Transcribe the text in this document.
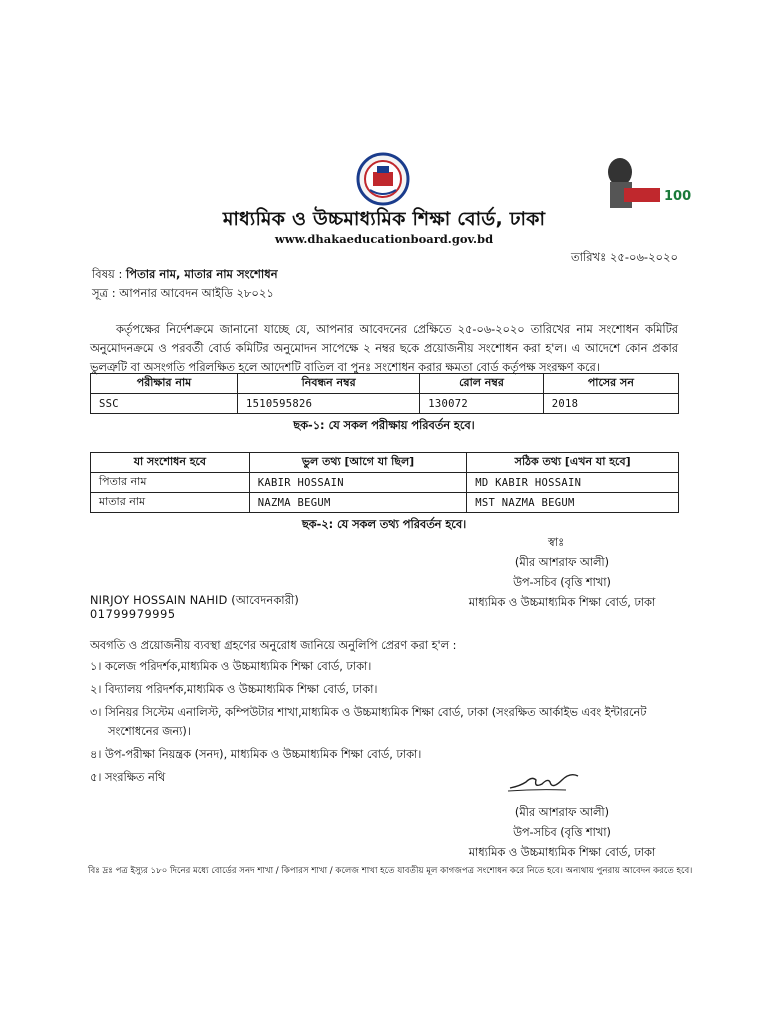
100
মাধ্যমিক ও উচ্চমাধ্যমিক শিক্ষা বোর্ড, ঢাকা
www.dhakaeducationboard.gov.bd
তারিখঃ ২৫-০৬-২০২০
বিষয় : পিতার নাম, মাতার নাম সংশোধন
সূত্র : আপনার আবেদন আইডি ২৮০২১
কর্তৃপক্ষের নির্দেশক্রমে জানানো যাচ্ছে যে, আপনার আবেদনের প্রেক্ষিতে ২৫-০৬-২০২০ তারিখের নাম সংশোধন কমিটির অনুমোদনক্রমে ও পরবর্তী বোর্ড কমিটির অনুমোদন সাপেক্ষে ২ নম্বর ছকে প্রয়োজনীয় সংশোধন করা হ'ল। এ আদেশে কোন প্রকার ভুলত্রুটি বা অসংগতি পরিলক্ষিত হলে আদেশটি বাতিল বা পুনঃ সংশোধন করার ক্ষমতা বোর্ড কর্তৃপক্ষ সংরক্ষণ করে।
পরীক্ষার নাম	নিবন্ধন নম্বর	রোল নম্বর	পাসের সন
SSC	1510595826	130072	2018
ছক-১: যে সকল পরীক্ষায় পরিবর্তন হবে।
যা সংশোধন হবে	ভুল তথ্য [আগে যা ছিল]	সঠিক তথ্য [এখন যা হবে]
পিতার নাম	KABIR HOSSAIN	MD KABIR HOSSAIN
মাতার নাম	NAZMA BEGUM	MST NAZMA BEGUM
ছক-২: যে সকল তথ্য পরিবর্তন হবে।
স্বাঃ
(মীর আশরাফ আলী)
উপ-সচিব (বৃত্তি শাখা)
মাধ্যমিক ও উচ্চমাধ্যমিক শিক্ষা বোর্ড, ঢাকা
NIRJOY HOSSAIN NAHID (আবেদনকারী)
01799979995
অবগতি ও প্রয়োজনীয় ব্যবস্থা গ্রহণের অনুরোধ জানিয়ে অনুলিপি প্রেরণ করা হ'ল :
১। কলেজ পরিদর্শক,মাধ্যমিক ও উচ্চমাধ্যমিক শিক্ষা বোর্ড, ঢাকা।
২। বিদ্যালয় পরিদর্শক,মাধ্যমিক ও উচ্চমাধ্যমিক শিক্ষা বোর্ড, ঢাকা।
৩। সিনিয়র সিস্টেম এনালিস্ট, কম্পিউটার শাখা,মাধ্যমিক ও উচ্চমাধ্যমিক শিক্ষা বোর্ড, ঢাকা (সংরক্ষিত আর্কাইভ এবং ইন্টারনেট
সংশোধনের জন্য)।
৪। উপ-পরীক্ষা নিয়ন্ত্রক (সনদ), মাধ্যমিক ও উচ্চমাধ্যমিক শিক্ষা বোর্ড, ঢাকা।
৫। সংরক্ষিত নথি
(মীর আশরাফ আলী)
উপ-সচিব (বৃত্তি শাখা)
মাধ্যমিক ও উচ্চমাধ্যমিক শিক্ষা বোর্ড, ঢাকা
বিঃ দ্রঃ পত্র ইস্যুর ১৮০ দিনের মধ্যে বোর্ডের সনদ শাখা / কিপারস শাখা / কলেজ শাখা হতে যাবতীয় মূল কাগজপত্র সংশোধন করে নিতে হবে। অন্যথায় পুনরায় আবেদন করতে হবে।
